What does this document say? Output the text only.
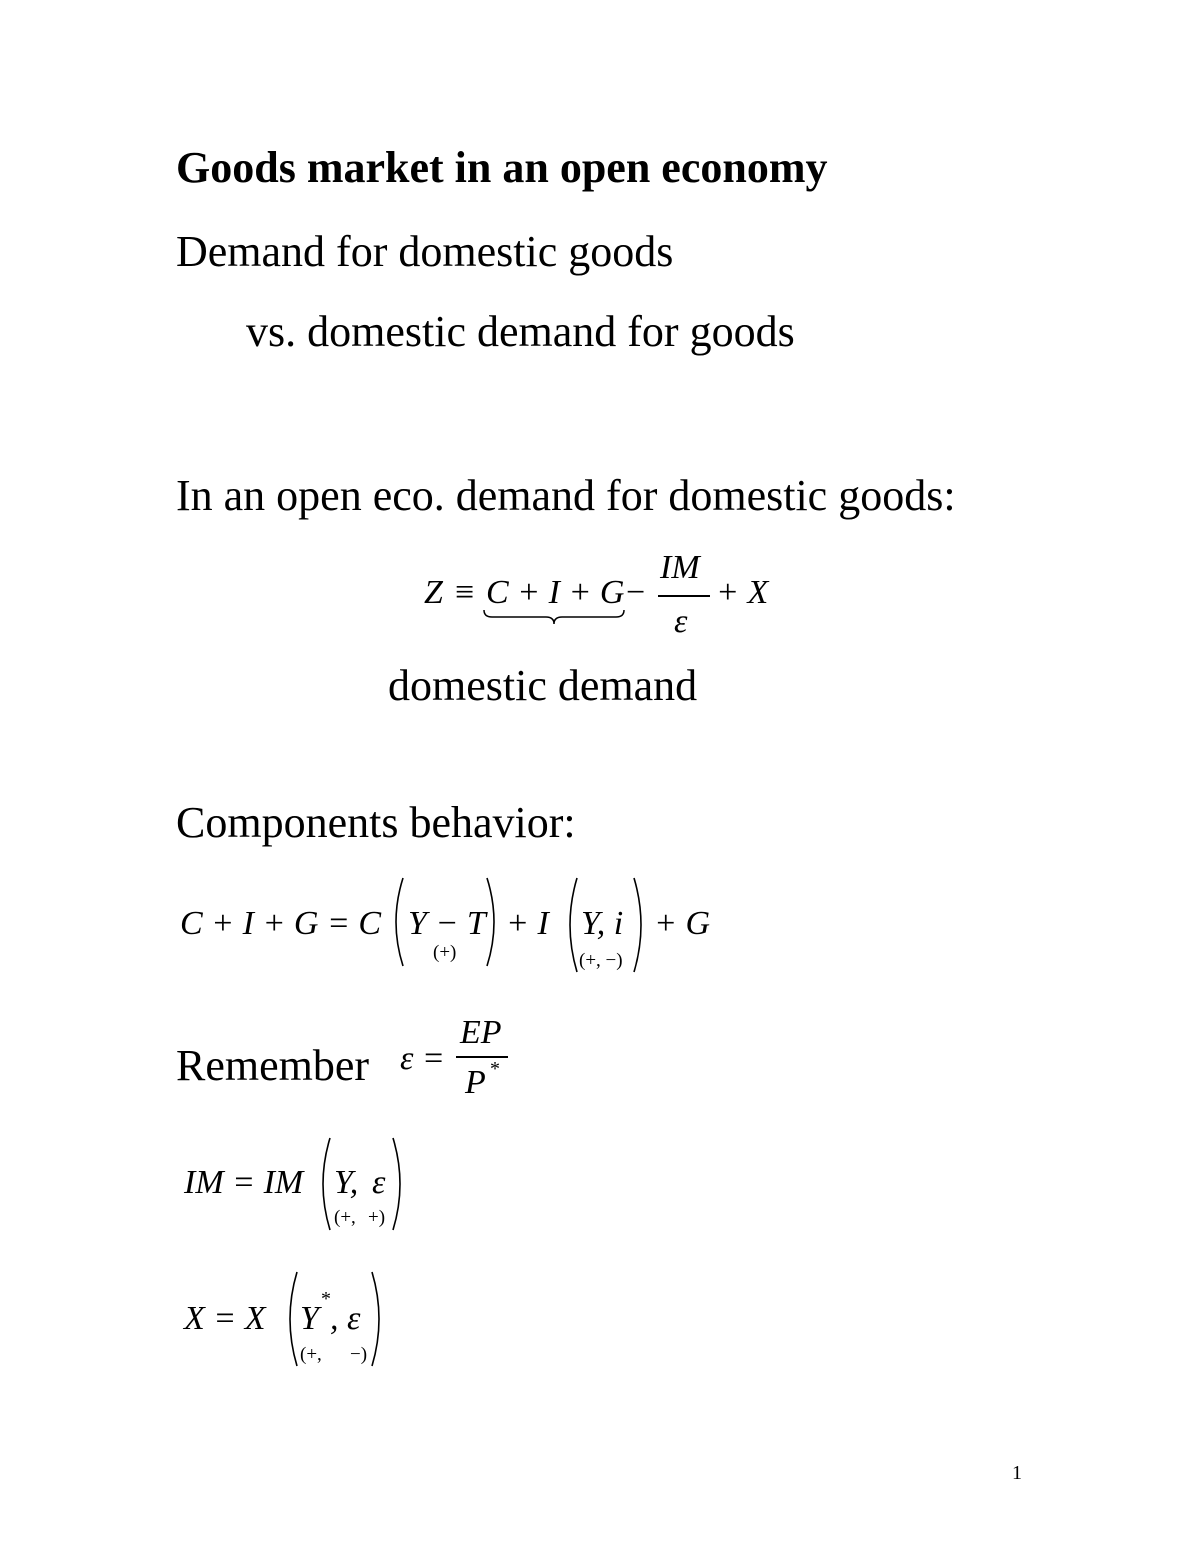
Goods market in an open economy
Demand for domestic goods
vs. domestic demand for goods
In an open eco. demand for domestic goods:
Z ≡ C + I + G −
IM
ε
+ X
domestic demand
Components behavior:
C + I + G = C Y − T
(+)
+ I Y, i
(+, −)
+ G
Remember ε =
EP
P *
IM = IM Y, ε
(+, +)
X = X Y
*
, ε
(+, −)
1
